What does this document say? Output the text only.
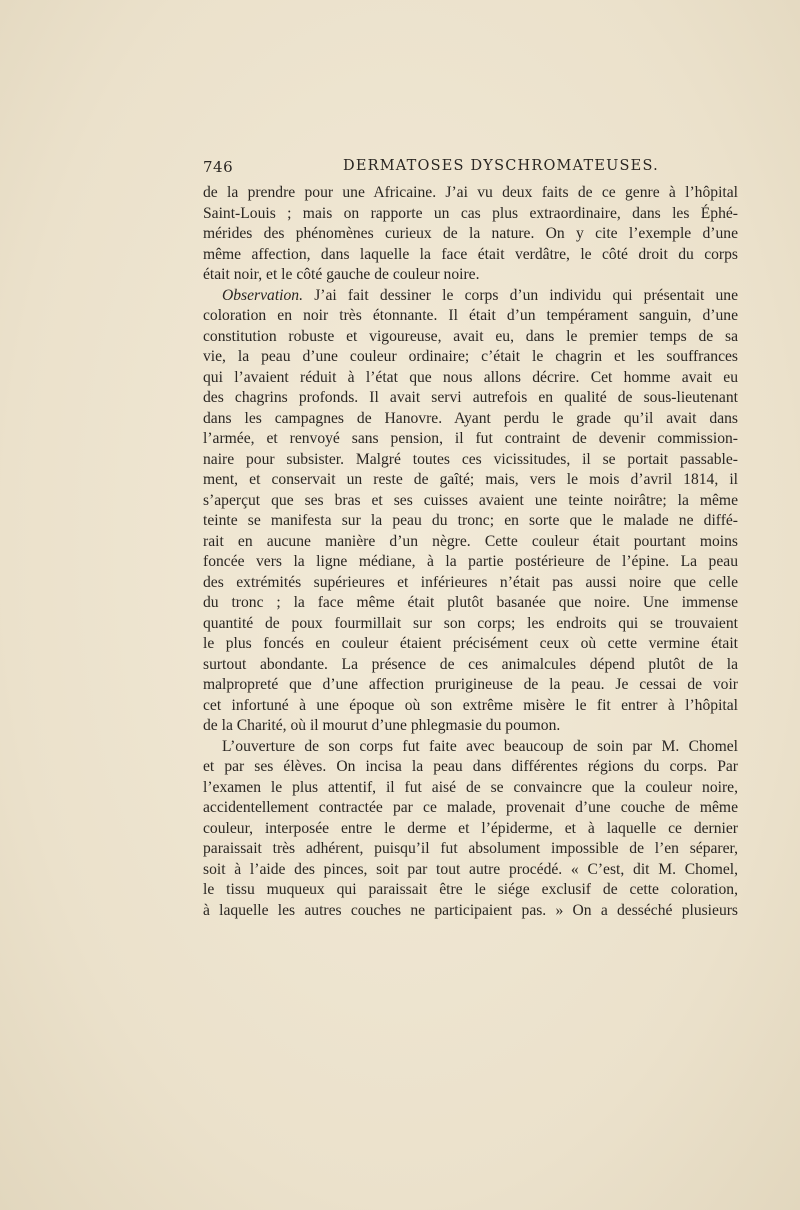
746	DERMATOSES DYSCHROMATEUSES.
de la prendre pour une Africaine. J’ai vu deux faits de ce genre à l’hôpital
Saint-Louis ; mais on rapporte un cas plus extraordinaire, dans les Éphé-
mérides des phénomènes curieux de la nature. On y cite l’exemple d’une
même affection, dans laquelle la face était verdâtre, le côté droit du corps
était noir, et le côté gauche de couleur noire.
Observation. J’ai fait dessiner le corps d’un individu qui présentait une
coloration en noir très étonnante. Il était d’un tempérament sanguin, d’une
constitution robuste et vigoureuse, avait eu, dans le premier temps de sa
vie, la peau d’une couleur ordinaire; c’était le chagrin et les souffrances
qui l’avaient réduit à l’état que nous allons décrire. Cet homme avait eu
des chagrins profonds. Il avait servi autrefois en qualité de sous-lieutenant
dans les campagnes de Hanovre. Ayant perdu le grade qu’il avait dans
l’armée, et renvoyé sans pension, il fut contraint de devenir commission-
naire pour subsister. Malgré toutes ces vicissitudes, il se portait passable-
ment, et conservait un reste de gaîté; mais, vers le mois d’avril 1814, il
s’aperçut que ses bras et ses cuisses avaient une teinte noirâtre; la même
teinte se manifesta sur la peau du tronc; en sorte que le malade ne diffé-
rait en aucune manière d’un nègre. Cette couleur était pourtant moins
foncée vers la ligne médiane, à la partie postérieure de l’épine. La peau
des extrémités supérieures et inférieures n’était pas aussi noire que celle
du tronc ; la face même était plutôt basanée que noire. Une immense
quantité de poux fourmillait sur son corps; les endroits qui se trouvaient
le plus foncés en couleur étaient précisément ceux où cette vermine était
surtout abondante. La présence de ces animalcules dépend plutôt de la
malpropreté que d’une affection prurigineuse de la peau. Je cessai de voir
cet infortuné à une époque où son extrême misère le fit entrer à l’hôpital
de la Charité, où il mourut d’une phlegmasie du poumon.
L’ouverture de son corps fut faite avec beaucoup de soin par M. Chomel
et par ses élèves. On incisa la peau dans différentes régions du corps. Par
l’examen le plus attentif, il fut aisé de se convaincre que la couleur noire,
accidentellement contractée par ce malade, provenait d’une couche de même
couleur, interposée entre le derme et l’épiderme, et à laquelle ce dernier
paraissait très adhérent, puisqu’il fut absolument impossible de l’en séparer,
soit à l’aide des pinces, soit par tout autre procédé. « C’est, dit M. Chomel,
le tissu muqueux qui paraissait être le siége exclusif de cette coloration,
à laquelle les autres couches ne participaient pas. » On a desséché plusieurs
